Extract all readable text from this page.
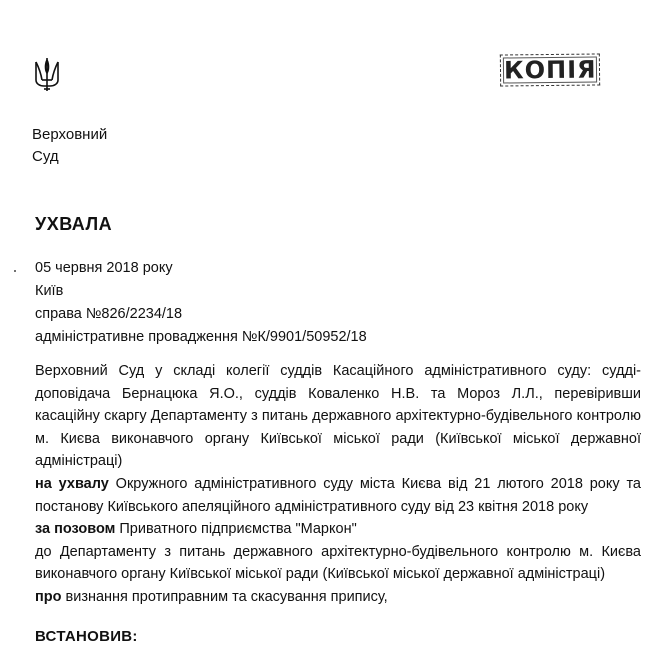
Верховний
Суд
КОПІЯ
УХВАЛА
05 червня 2018 року
Київ
справа №826/2234/18
адміністративне провадження №К/9901/50952/18

Верховний Суд у складі колегії суддів Касаційного адміністративного суду: судді-доповідача Бернацюка Я.О., суддів Коваленко Н.В. та Мороз Л.Л., перевіривши касаційну скаргу Департаменту з питань державного архітектурно-будівельного контролю м. Києва виконавчого органу Київської міської ради (Київської міської державної адміністраці)

на ухвалу Окружного адміністративного суду міста Києва від 21 лютого 2018 року та постанову Київського апеляційного адміністративного суду від 23 квітня 2018 року

за позовом Приватного підприємства "Маркон"

до Департаменту з питань державного архітектурно-будівельного контролю м. Києва виконавчого органу Київської міської ради (Київської міської державної адміністраці)

про визнання протиправним та скасування припису,

ВСТАНОВИВ:
